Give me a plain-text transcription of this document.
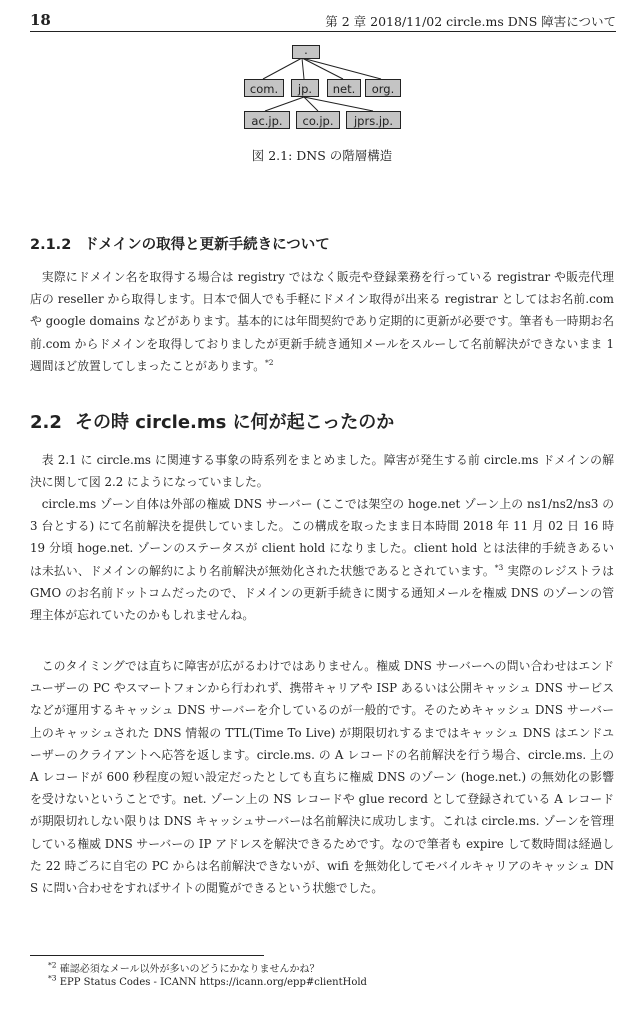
18	第 2 章 2018/11/02 circle.ms DNS 障害について
.
com.	jp.	net.	org.
ac.jp.	co.jp.	jprs.jp.
図 2.1: DNS の階層構造
2.1.2 ドメインの取得と更新手続きについて

実際にドメイン名を取得する場合は registry ではなく販売や登録業務を行っている registrar や販売代理店の reseller から取得します。日本で個人でも手軽にドメイン取得が出来る registrar としてはお名前.com や google domains などがあります。基本的には年間契約であり定期的に更新が必要です。筆者も一時期お名前.com からドメインを取得しておりましたが更新手続き通知メールをスルーして名前解決ができないまま 1 週間ほど放置してしまったことがあります。$^{*2}$

2.2 その時 circle.ms に何が起こったのか

表 2.1 に circle.ms に関連する事象の時系列をまとめました。障害が発生する前 circle.ms ドメインの解決に関して図 2.2 にようになっていました。

circle.ms ゾーン自体は外部の権威 DNS サーバー (ここでは架空の hoge.net ゾーン上の ns1/ns2/ns3 の 3 台とする) にて名前解決を提供していました。この構成を取ったまま日本時間 2018 年 11 月 02 日 16 時 19 分頃 hoge.net. ゾーンのステータスが client hold になりました。client hold とは法律的手続きあるいは未払い、ドメインの解約により名前解決が無効化された状態であるとされています。$^{*3}$ 実際のレジストラは GMO のお名前ドットコムだったので、ドメインの更新手続きに関する通知メールを権威 DNS のゾーンの管理主体が忘れていたのかもしれませんね。

このタイミングでは直ちに障害が広がるわけではありません。権威 DNS サーバーへの問い合わせはエンドユーザーの PC やスマートフォンから行われず、携帯キャリアや ISP あるいは公開キャッシュ DNS サービスなどが運用するキャッシュ DNS サーバーを介しているのが一般的です。そのためキャッシュ DNS サーバー上のキャッシュされた DNS 情報の TTL(Time To Live) が期限切れするまではキャッシュ DNS はエンドユーザーのクライアントへ応答を返します。circle.ms. の A レコードの名前解決を行う場合、circle.ms. 上の A レコードが 600 秒程度の短い設定だったとしても直ちに権威 DNS のゾーン (hoge.net.) の無効化の影響を受けないということです。net. ゾーン上の NS レコードや glue record として登録されている A レコードが期限切れしない限りは DNS キャッシュサーバーは名前解決に成功します。これは circle.ms. ゾーンを管理している権威 DNS サーバーの IP アドレスを解決できるためです。なので筆者も expire して数時間は経過した 22 時ごろに自宅の PC からは名前解決できないが、wifi を無効化してモバイルキャリアのキャッシュ DNS に問い合わせをすればサイトの閲覧ができるという状態でした。

$^{*2}$ 確認必須なメール以外が多いのどうにかなりませんかね？
$^{*3}$ EPP Status Codes - ICANN https://icann.org/epp#clientHold
